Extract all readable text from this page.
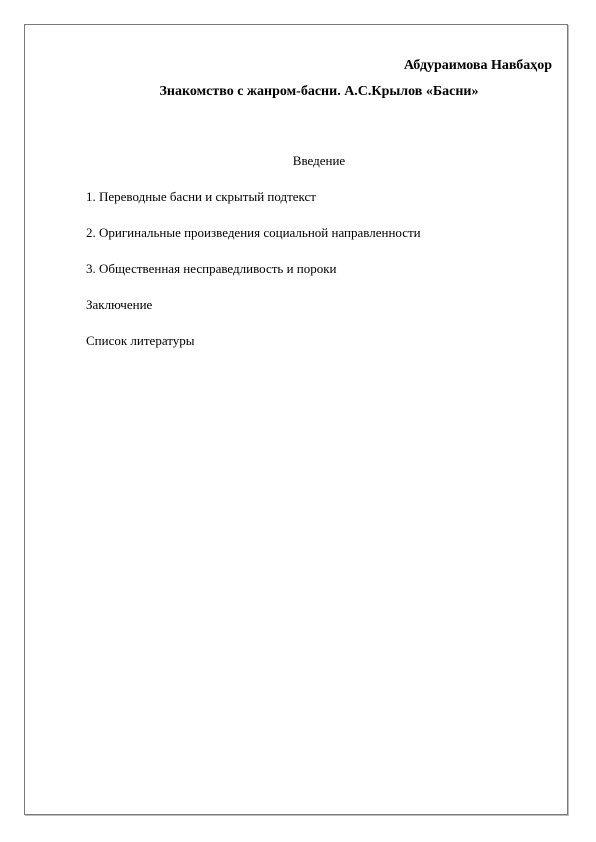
Абдураимова Навбаҳор
Знакомство с жанром-басни. А.С.Крылов «Басни»
Введение
1. Переводные басни и скрытый подтекст
2. Оригинальные произведения социальной направленности
3. Общественная несправедливость и пороки
Заключение
Список литературы
